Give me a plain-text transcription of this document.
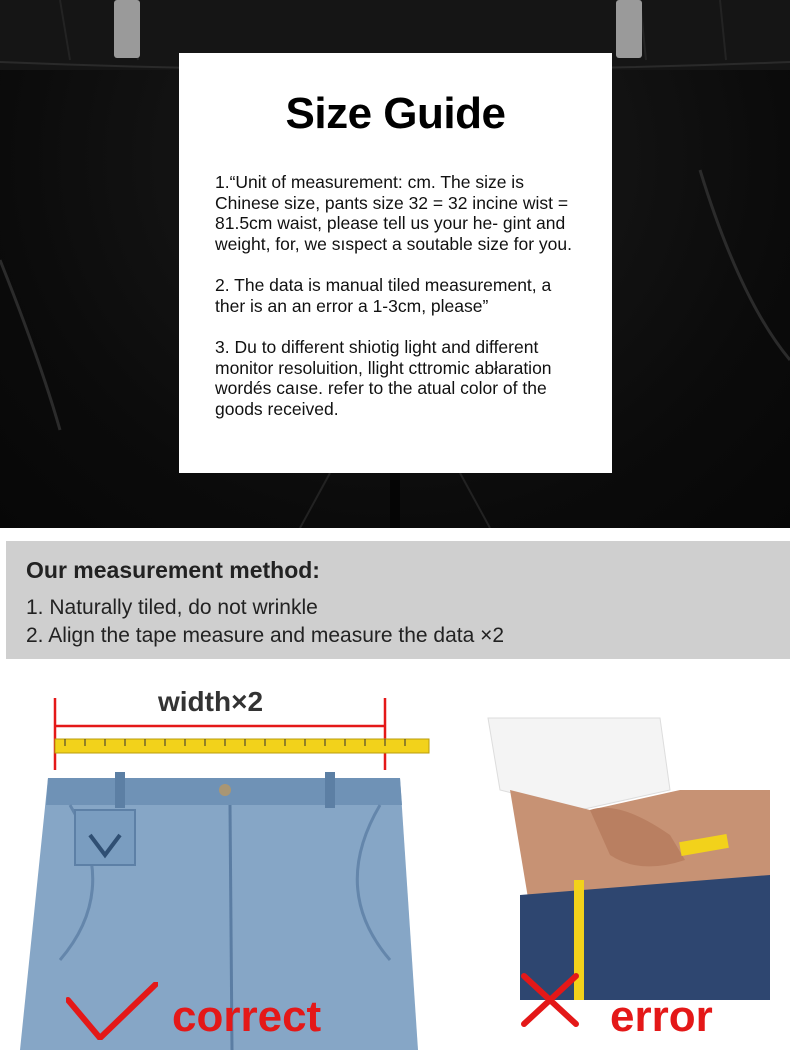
Size Guide

1.“Unit of measurement: cm. The size is Chinese size, pants size 32 = 32 incine wist = 81.5cm waist, please tell us your he- gint and weight, for, we sıspect a soutable size for you.

2. The data is manual tiled measurement, a ther is an an error a 1-3cm, please”

3. Du to different shiotig light and different monitor resoluition, llight cttromic abłaration wordés caıse. refer to the atual color of the goods received.

Our measurement method:

1. Naturally tiled, do not wrinkle

2. Align the tape measure and measure the data ×2

width×2
correct	error
